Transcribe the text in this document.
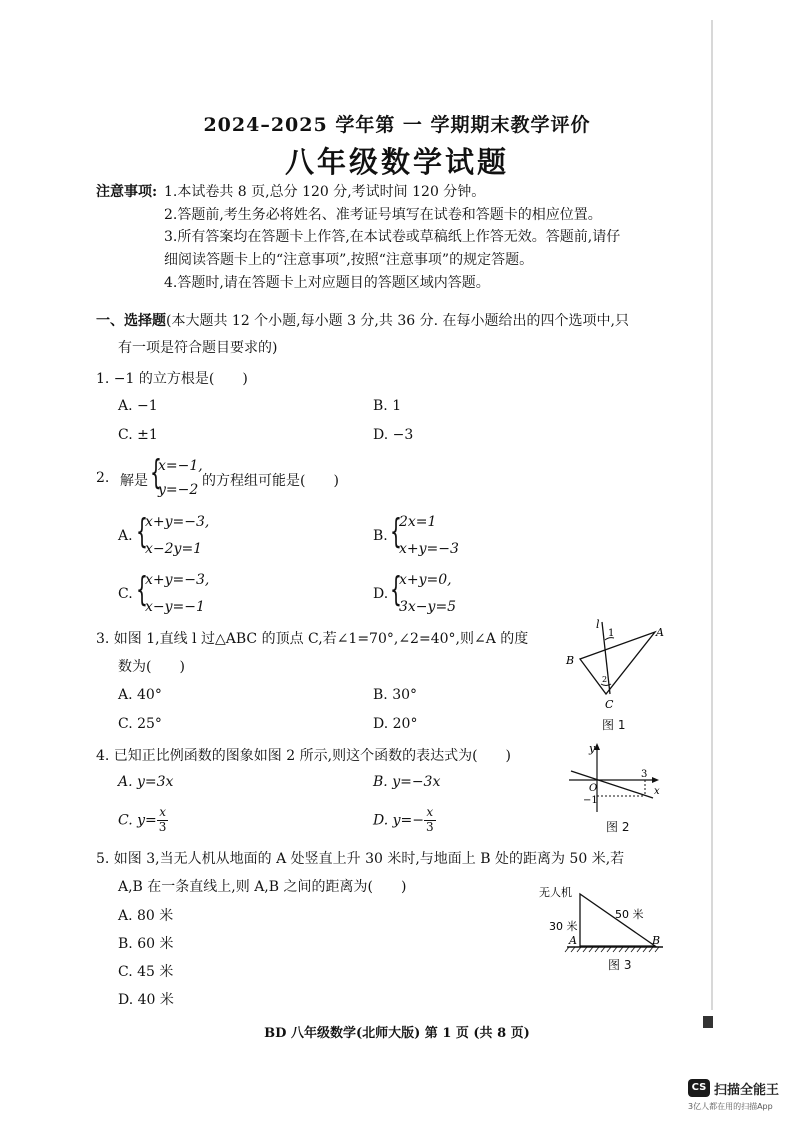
2024–2025 学年第 一 学期期末教学评价
八年级数学试题
注意事项: 1.本试卷共 8 页,总分 120 分,考试时间 120 分钟。
2.答题前,考生务必将姓名、准考证号填写在试卷和答题卡的相应位置。
3.所有答案均在答题卡上作答,在本试卷或草稿纸上作答无效。答题前,请仔
细阅读答题卡上的“注意事项”,按照“注意事项”的规定答题。
4.答题时,请在答题卡上对应题目的答题区域内答题。
一、选择题(本大题共 12 个小题,每小题 3 分,共 36 分. 在每小题给出的四个选项中,只
有一项是符合题目要求的)
1. −1 的立方根是(　　)
A. −1	B. 1
C. ±1	D. −3
2. 解是 {
x=−1,
y=−2
的方程组可能是(　　)
A. {
x+y=−3,
x−2y=1
B. {
2x=1
x+y=−3
C. {
x+y=−3,
x−y=−1
D. {
x+y=0,
3x−y=5
3. 如图 1,直线 l 过△ABC 的顶点 C,若∠1=70°,∠2=40°,则∠A 的度
数为(　　)
A. 40°	B. 30°
C. 25°	D. 20°
l
1	A
B
C
2
图 1
4. 已知正比例函数的图象如图 2 所示,则这个函数的表达式为(　　)
A. y=3x	B. y=−3x
C. $y= \frac{x}{3}$	D. $y=- \frac{x}{3}$
y
x
O
3
−1
图 2
5. 如图 3,当无人机从地面的 A 处竖直上升 30 米时,与地面上 B 处的距离为 50 米,若
A,B 在一条直线上,则 A,B 之间的距离为(　　)
A. 80 米
B. 60 米
C. 45 米
D. 40 米
无人机
30 米
50 米
A	B
图 3
BD 八年级数学(北师大版) 第 1 页 (共 8 页)
CS 扫描全能王
3亿人都在用的扫描App
